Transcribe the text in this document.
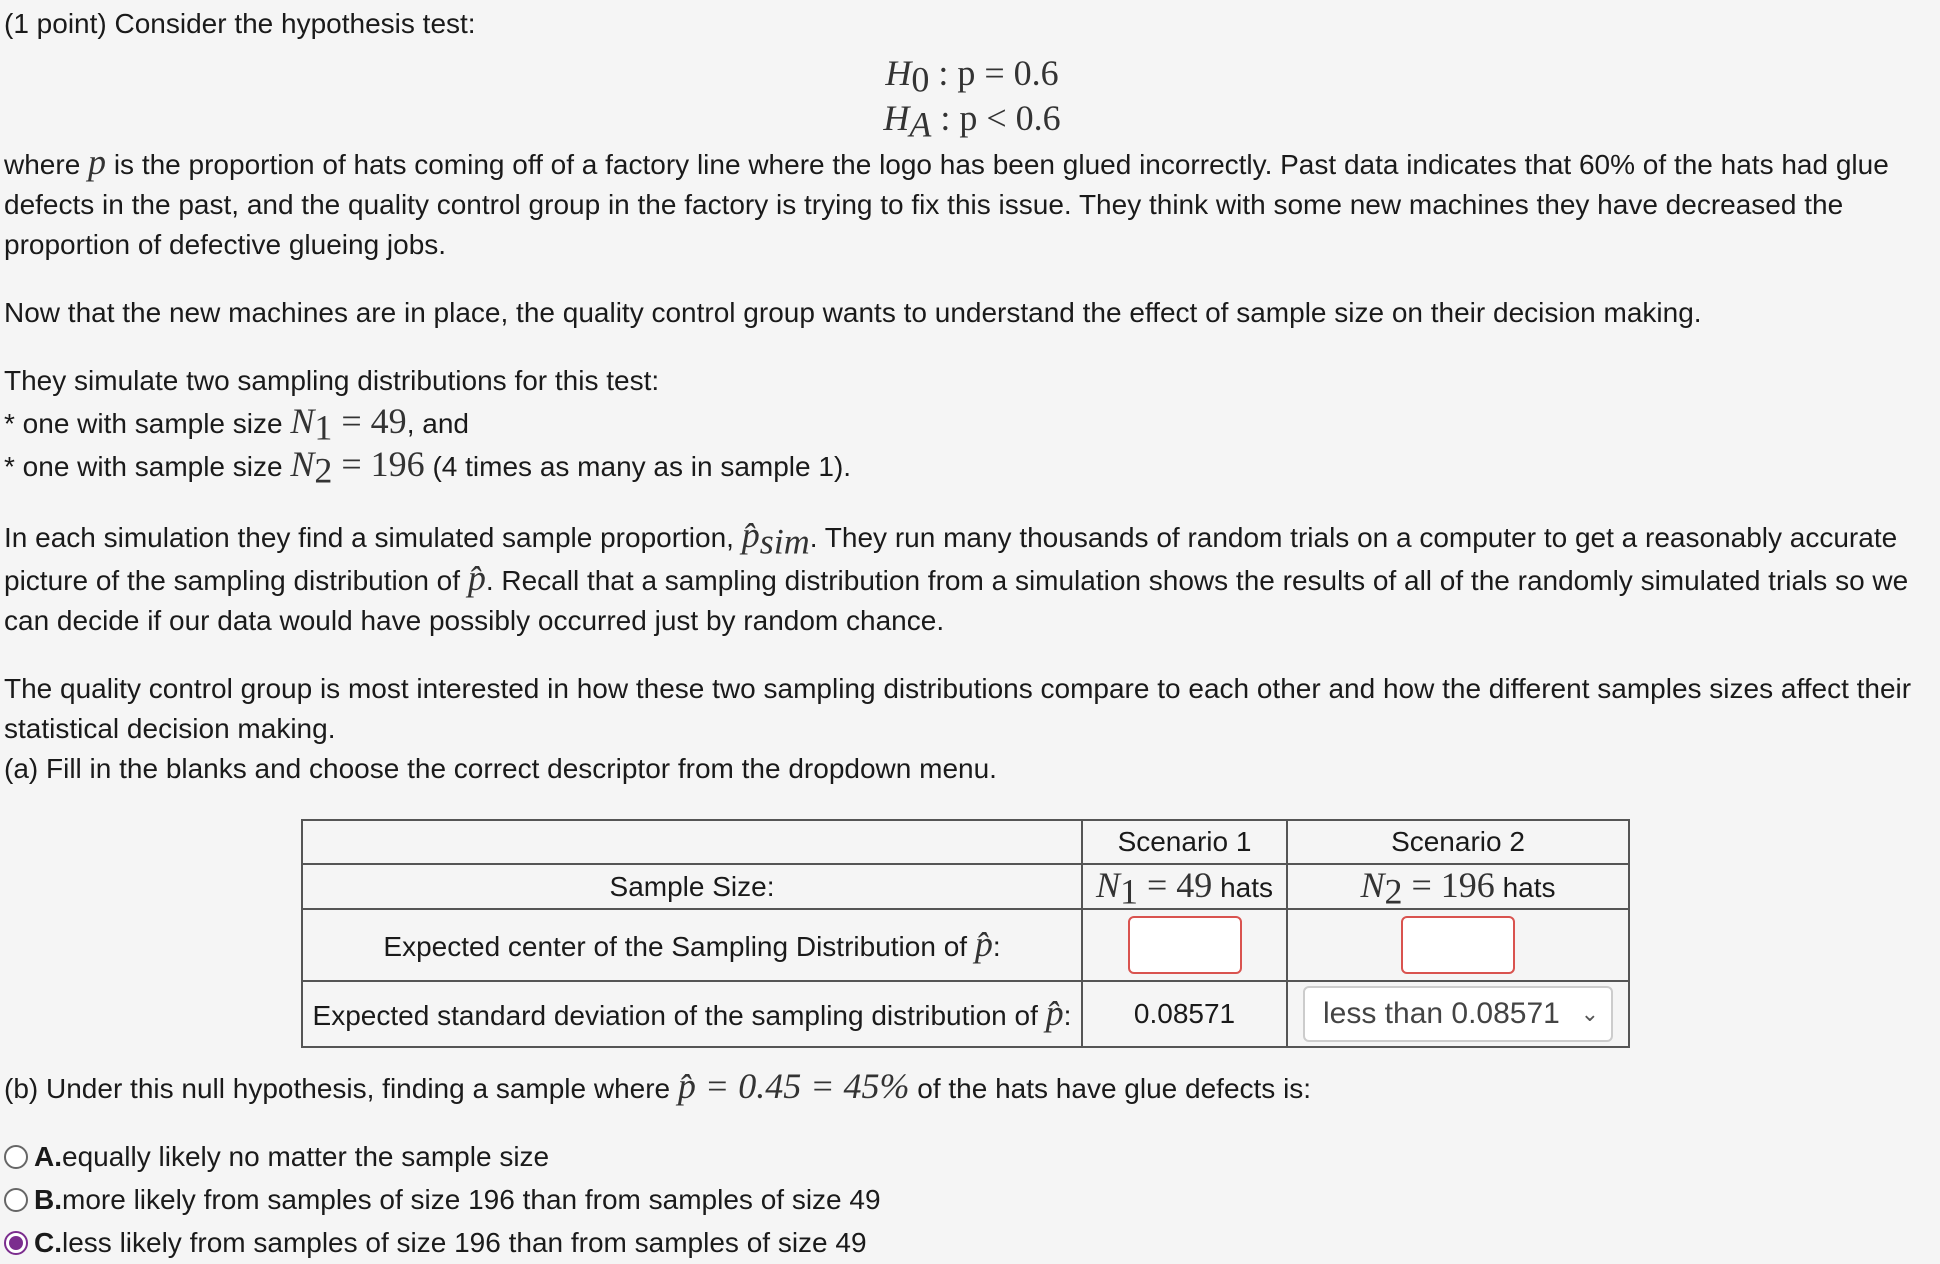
(1 point) Consider the hypothesis test:

$H_0$ : p = 0.6
$H_A$ : p < 0.6

where p is the proportion of hats coming off of a factory line where the logo has been glued incorrectly. Past data indicates that 60% of the hats had glue defects in the past, and the quality control group in the factory is trying to fix this issue. They think with some new machines they have decreased the proportion of defective glueing jobs.

Now that the new machines are in place, the quality control group wants to understand the effect of sample size on their decision making.

They simulate two sampling distributions for this test:

* one with sample size $N_1 = 49$, and

* one with sample size $N_2 = 196$ (4 times as many as in sample 1).

In each simulation they find a simulated sample proportion, $p̂_{sim}$. They run many thousands of random trials on a computer to get a reasonably accurate picture of the sampling distribution of p̂. Recall that a sampling distribution from a simulation shows the results of all of the randomly simulated trials so we can decide if our data would have possibly occurred just by random chance.

The quality control group is most interested in how these two sampling distributions compare to each other and how the different samples sizes affect their statistical decision making.

(a) Fill in the blanks and choose the correct descriptor from the dropdown menu.

	Scenario 1	Scenario 2
Sample Size:	$N_1 = 49$ hats	$N_2 = 196$ hats
Expected center of the Sampling Distribution of p̂:		
Expected standard deviation of the sampling distribution of p̂:	0.08571	less than 0.08571 ⌄

(b) Under this null hypothesis, finding a sample where p̂ = 0.45 = 45% of the hats have glue defects is:

A. equally likely no matter the sample size
B. more likely from samples of size 196 than from samples of size 49
C. less likely from samples of size 196 than from samples of size 49
